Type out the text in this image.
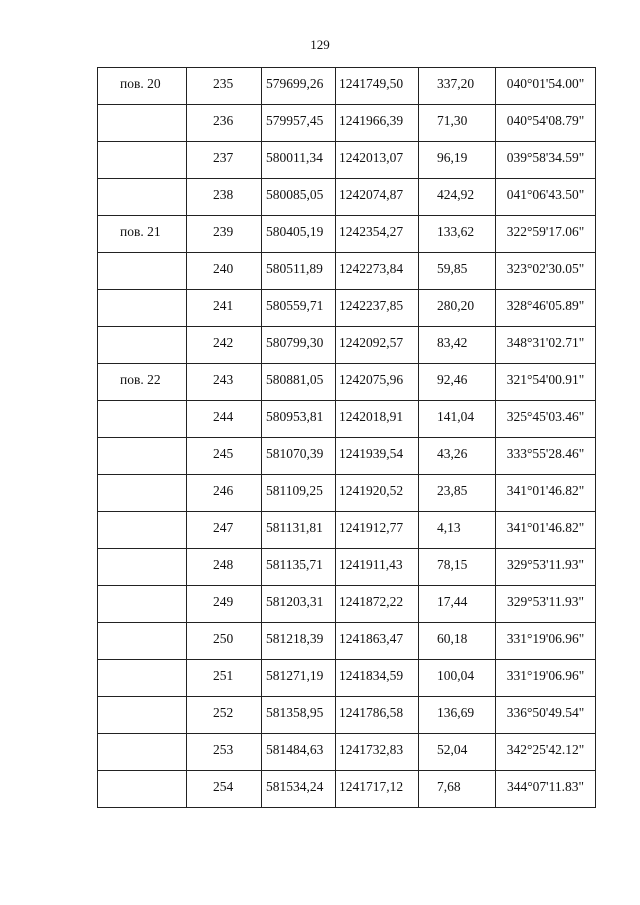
129
пов. 20	235	579699,26	1241749,50	337,20	040°01'54.00"

	236	579957,45	1241966,39	71,30	040°54'08.79"

	237	580011,34	1242013,07	96,19	039°58'34.59"

	238	580085,05	1242074,87	424,92	041°06'43.50"

пов. 21	239	580405,19	1242354,27	133,62	322°59'17.06"

	240	580511,89	1242273,84	59,85	323°02'30.05"

	241	580559,71	1242237,85	280,20	328°46'05.89"

	242	580799,30	1242092,57	83,42	348°31'02.71"

пов. 22	243	580881,05	1242075,96	92,46	321°54'00.91"

	244	580953,81	1242018,91	141,04	325°45'03.46"

	245	581070,39	1241939,54	43,26	333°55'28.46"

	246	581109,25	1241920,52	23,85	341°01'46.82"

	247	581131,81	1241912,77	4,13	341°01'46.82"

	248	581135,71	1241911,43	78,15	329°53'11.93"

	249	581203,31	1241872,22	17,44	329°53'11.93"

	250	581218,39	1241863,47	60,18	331°19'06.96"

	251	581271,19	1241834,59	100,04	331°19'06.96"

	252	581358,95	1241786,58	136,69	336°50'49.54"

	253	581484,63	1241732,83	52,04	342°25'42.12"

	254	581534,24	1241717,12	7,68	344°07'11.83"
